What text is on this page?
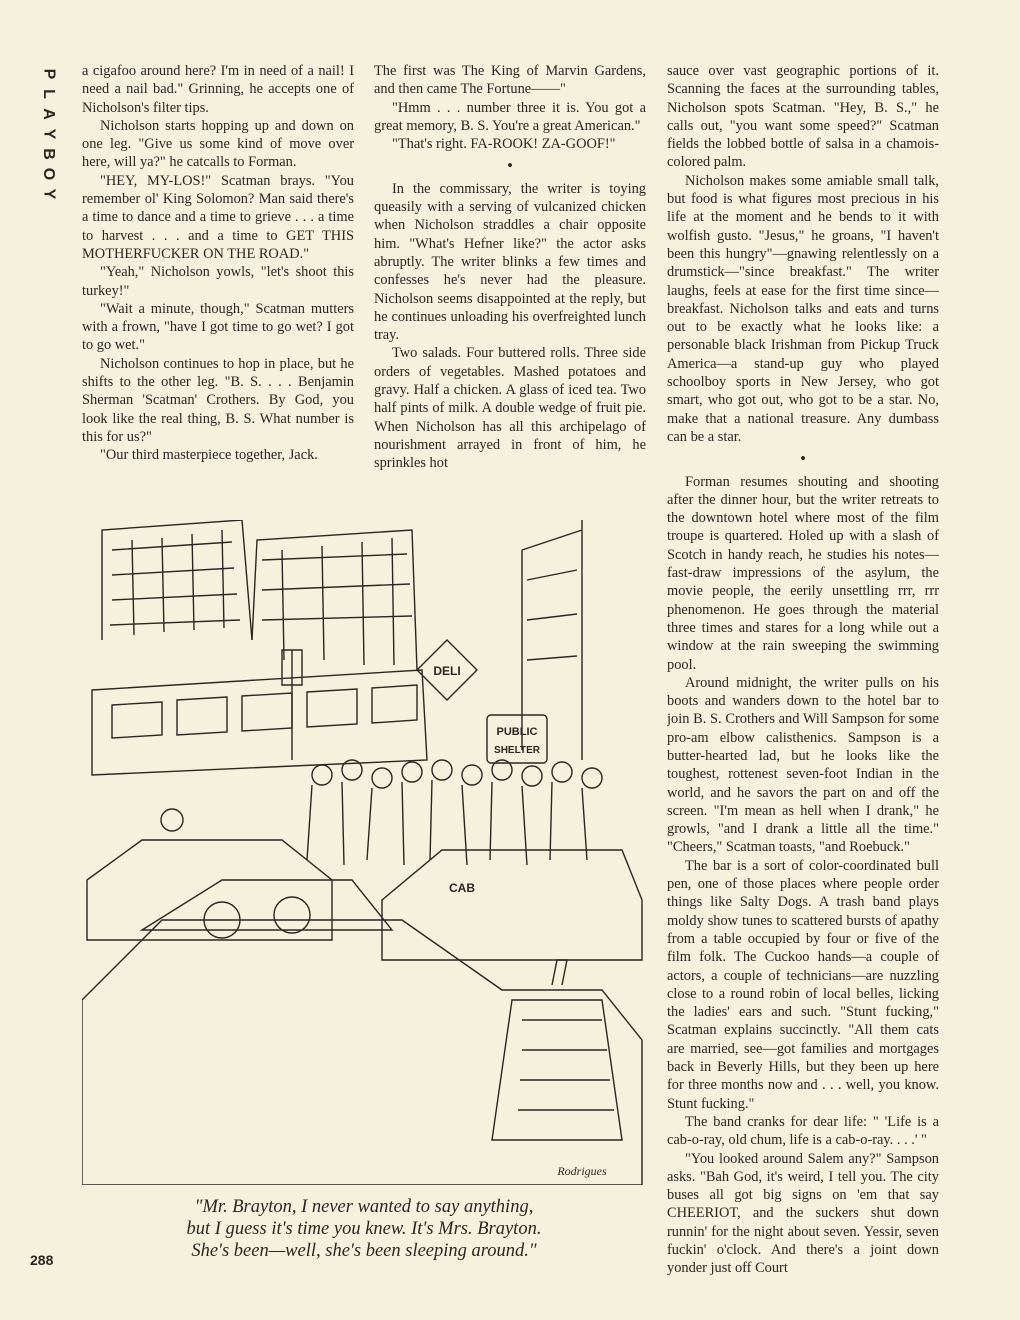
P
L
A
Y
B
O
Y

a cigafoo around here? I'm in need of a nail! I need a nail bad." Grinning, he accepts one of Nicholson's filter tips.

Nicholson starts hopping up and down on one leg. "Give us some kind of move over here, will ya?" he catcalls to Forman.

"HEY, MY-LOS!" Scatman brays. "You remember ol' King Solomon? Man said there's a time to dance and a time to grieve . . . a time to harvest . . . and a time to GET THIS MOTHERFUCKER ON THE ROAD."

"Yeah," Nicholson yowls, "let's shoot this turkey!"

"Wait a minute, though," Scatman mutters with a frown, "have I got time to go wet? I got to go wet."

Nicholson continues to hop in place, but he shifts to the other leg. "B. S. . . . Benjamin Sherman 'Scatman' Crothers. By God, you look like the real thing, B. S. What number is this for us?"

"Our third masterpiece together, Jack.

The first was The King of Marvin Gardens, and then came The Fortune——"

"Hmm . . . number three it is. You got a great memory, B. S. You're a great American."

"That's right. FA-ROOK! ZA-GOOF!"

•

In the commissary, the writer is toying queasily with a serving of vulcanized chicken when Nicholson straddles a chair opposite him. "What's Hefner like?" the actor asks abruptly. The writer blinks a few times and confesses he's never had the pleasure. Nicholson seems disappointed at the reply, but he continues unloading his overfreighted lunch tray.

Two salads. Four buttered rolls. Three side orders of vegetables. Mashed potatoes and gravy. Half a chicken. A glass of iced tea. Two half pints of milk. A double wedge of fruit pie. When Nicholson has all this archipelago of nourishment arrayed in front of him, he sprinkles hot

sauce over vast geographic portions of it. Scanning the faces at the surrounding tables, Nicholson spots Scatman. "Hey, B. S.," he calls out, "you want some speed?" Scatman fields the lobbed bottle of salsa in a chamois-colored palm.

Nicholson makes some amiable small talk, but food is what figures most precious in his life at the moment and he bends to it with wolfish gusto. "Jesus," he groans, "I haven't been this hungry"—gnawing relentlessly on a drumstick—"since breakfast." The writer laughs, feels at ease for the first time since—breakfast. Nicholson talks and eats and turns out to be exactly what he looks like: a personable black Irishman from Pickup Truck America—a stand-up guy who played schoolboy sports in New Jersey, who got smart, who got out, who got to be a star. No, make that a national treasure. Any dumbass can be a star.

•

Forman resumes shouting and shooting after the dinner hour, but the writer retreats to the downtown hotel where most of the film troupe is quartered. Holed up with a slash of Scotch in handy reach, he studies his notes—fast-draw impressions of the asylum, the movie people, the eerily unsettling rrr, rrr phenomenon. He goes through the material three times and stares for a long while out a window at the rain sweeping the swimming pool.

Around midnight, the writer pulls on his boots and wanders down to the hotel bar to join B. S. Crothers and Will Sampson for some pro-am elbow calisthenics. Sampson is a butter-hearted lad, but he looks like the toughest, rottenest seven-foot Indian in the world, and he savors the part on and off the screen. "I'm mean as hell when I drank," he growls, "and I drank a little all the time." "Cheers," Scatman toasts, "and Roebuck."

The bar is a sort of color-coordinated bull pen, one of those places where people order things like Salty Dogs. A trash band plays moldy show tunes to scattered bursts of apathy from a table occupied by four or five of the film folk. The Cuckoo hands—a couple of actors, a couple of technicians—are nuzzling close to a round robin of local belles, licking the ladies' ears and such. "Stunt fucking," Scatman explains succinctly. "All them cats are married, see—got families and mortgages back in Beverly Hills, but they been up here for three months now and . . . well, you know. Stunt fucking."

The band cranks for dear life: " 'Life is a cab-o-ray, old chum, life is a cab-o-ray. . . .' "

"You looked around Salem any?" Sampson asks. "Bah God, it's weird, I tell you. The city buses all got big signs on 'em that say CHEERIOT, and the suckers shut down runnin' for the night about seven. Yessir, seven fuckin' o'clock. And there's a joint down yonder just off Court

PUBLIC
SHELTER
DELI
CAB
Rodrigues
"Mr. Brayton, I never wanted to say anything,
but I guess it's time you knew. It's Mrs. Brayton.
She's been—well, she's been sleeping around."
288
